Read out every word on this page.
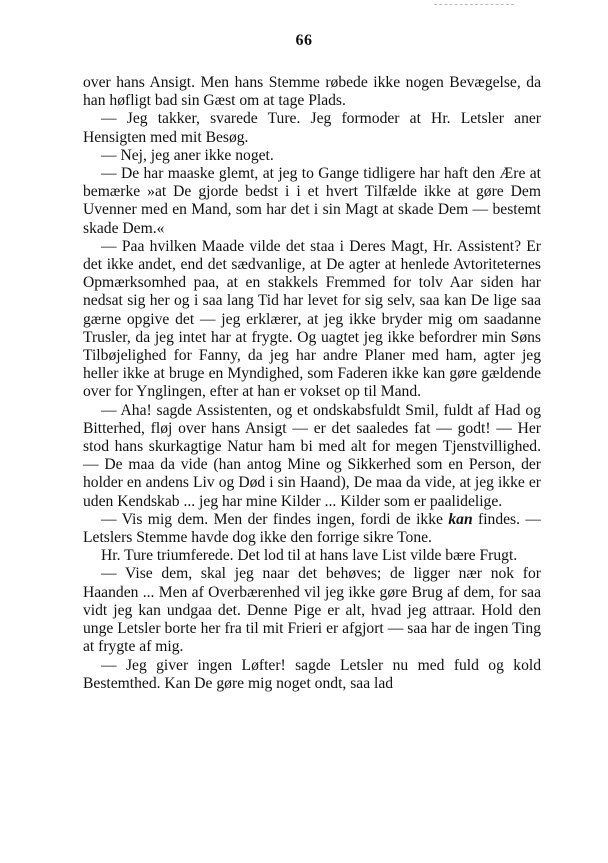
66

over hans Ansigt. Men hans Stemme røbede ikke nogen Bevægelse, da han høfligt bad sin Gæst om at tage Plads.

— Jeg takker, svarede Ture. Jeg formoder at Hr. Letsler aner Hensigten med mit Besøg.

— Nej, jeg aner ikke noget.

— De har maaske glemt, at jeg to Gange tidligere har haft den Ære at bemærke »at De gjorde bedst i i et hvert Tilfælde ikke at gøre Dem Uvenner med en Mand, som har det i sin Magt at skade Dem — bestemt skade Dem.«

— Paa hvilken Maade vilde det staa i Deres Magt, Hr. Assistent? Er det ikke andet, end det sædvanlige, at De agter at henlede Avtoriteternes Opmærksomhed paa, at en stakkels Fremmed for tolv Aar siden har nedsat sig her og i saa lang Tid har levet for sig selv, saa kan De lige saa gærne opgive det — jeg erklærer, at jeg ikke bryder mig om saadanne Trusler, da jeg intet har at frygte. Og uagtet jeg ikke befordrer min Søns Tilbøjelighed for Fanny, da jeg har andre Planer med ham, agter jeg heller ikke at bruge en Myndighed, som Faderen ikke kan gøre gældende over for Ynglingen, efter at han er vokset op til Mand.

— Aha! sagde Assistenten, og et ondskabsfuldt Smil, fuldt af Had og Bitterhed, fløj over hans Ansigt — er det saaledes fat — godt! — Her stod hans skurkagtige Natur ham bi med alt for megen Tjenstvillighed. — De maa da vide (han antog Mine og Sikkerhed som en Person, der holder en andens Liv og Død i sin Haand), De maa da vide, at jeg ikke er uden Kendskab ... jeg har mine Kilder ... Kilder som er paalidelige.

— Vis mig dem. Men der findes ingen, fordi de ikke kan findes. — Letslers Stemme havde dog ikke den forrige sikre Tone.

Hr. Ture triumferede. Det lod til at hans lave List vilde bære Frugt.

— Vise dem, skal jeg naar det behøves; de ligger nær nok for Haanden ... Men af Overbærenhed vil jeg ikke gøre Brug af dem, for saa vidt jeg kan undgaa det. Denne Pige er alt, hvad jeg attraar. Hold den unge Letsler borte her fra til mit Frieri er afgjort — saa har de ingen Ting at frygte af mig.

— Jeg giver ingen Løfter! sagde Letsler nu med fuld og kold Bestemthed. Kan De gøre mig noget ondt, saa lad
